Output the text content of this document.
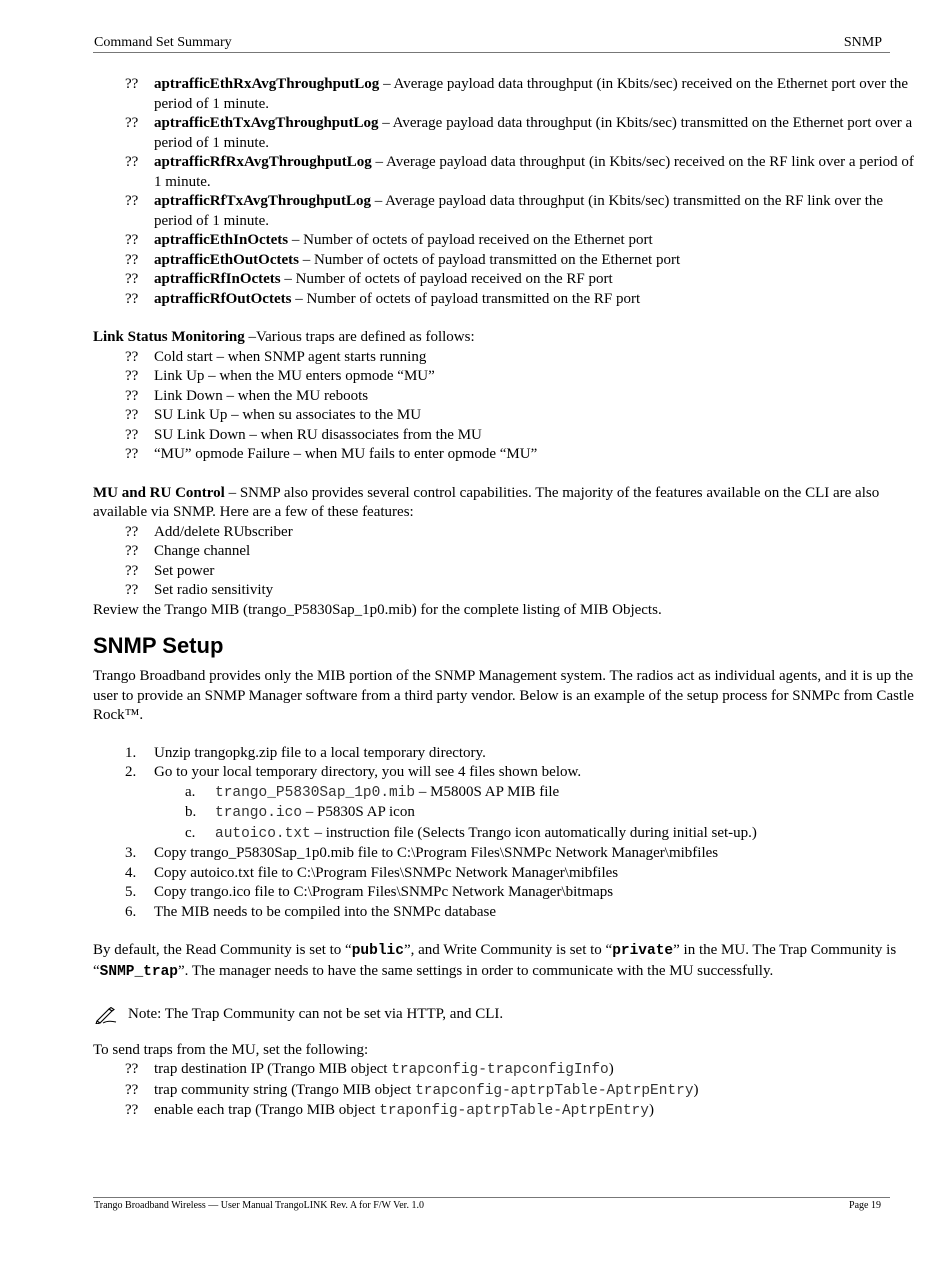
Command Set Summary	SNMP
?? aptrafficEthRxAvgThroughputLog – Average payload data throughput (in Kbits/sec) received on the Ethernet port over the period of 1 minute.
?? aptrafficEthTxAvgThroughputLog – Average payload data throughput (in Kbits/sec) transmitted on the Ethernet port over a period of 1 minute.
?? aptrafficRfRxAvgThroughputLog – Average payload data throughput (in Kbits/sec) received on the RF link over a period of 1 minute.
?? aptrafficRfTxAvgThroughputLog – Average payload data throughput (in Kbits/sec) transmitted on the RF link over the period of 1 minute.
?? aptrafficEthInOctets – Number of octets of payload received on the Ethernet port
?? aptrafficEthOutOctets – Number of octets of payload transmitted on the Ethernet port
?? aptrafficRfInOctets – Number of octets of payload received on the RF port
?? aptrafficRfOutOctets – Number of octets of payload transmitted on the RF port
Link Status Monitoring –Various traps are defined as follows:
?? Cold start – when SNMP agent starts running
?? Link Up – when the MU enters opmode “MU”
?? Link Down – when the MU reboots
?? SU Link Up – when su associates to the MU
?? SU Link Down – when RU disassociates from the MU
?? “MU” opmode Failure – when MU fails to enter opmode “MU”
MU and RU Control – SNMP also provides several control capabilities. The majority of the features available on the CLI are also available via SNMP. Here are a few of these features:
?? Add/delete RUbscriber
?? Change channel
?? Set power
?? Set radio sensitivity
Review the Trango MIB (trango_P5830Sap_1p0.mib) for the complete listing of MIB Objects.
SNMP Setup
Trango Broadband provides only the MIB portion of the SNMP Management system. The radios act as individual agents, and it is up the user to provide an SNMP Manager software from a third party vendor. Below is an example of the setup process for SNMPc from Castle Rock™.
1. Unzip trangopkg.zip file to a local temporary directory.
2. Go to your local temporary directory, you will see 4 files shown below.
a. trango_P5830Sap_1p0.mib – M5800S AP MIB file
b. trango.ico – P5830S AP icon
c. autoico.txt – instruction file (Selects Trango icon automatically during initial set-up.)
3. Copy trango_P5830Sap_1p0.mib file to C:\Program Files\SNMPc Network Manager\mibfiles
4. Copy autoico.txt file to C:\Program Files\SNMPc Network Manager\mibfiles
5. Copy trango.ico file to C:\Program Files\SNMPc Network Manager\bitmaps
6. The MIB needs to be compiled into the SNMPc database
By default, the Read Community is set to “public”, and Write Community is set to “private” in the MU. The Trap Community is “SNMP_trap”. The manager needs to have the same settings in order to communicate with the MU successfully.
Note: The Trap Community can not be set via HTTP, and CLI.
To send traps from the MU, set the following:
?? trap destination IP (Trango MIB object trapconfig-trapconfigInfo)
?? trap community string (Trango MIB object trapconfig-aptrpTable-AptrpEntry)
?? enable each trap (Trango MIB object traponfig-aptrpTable-AptrpEntry)
Trango Broadband Wireless — User Manual TrangoLINK Rev. A for F/W Ver. 1.0	Page 19
